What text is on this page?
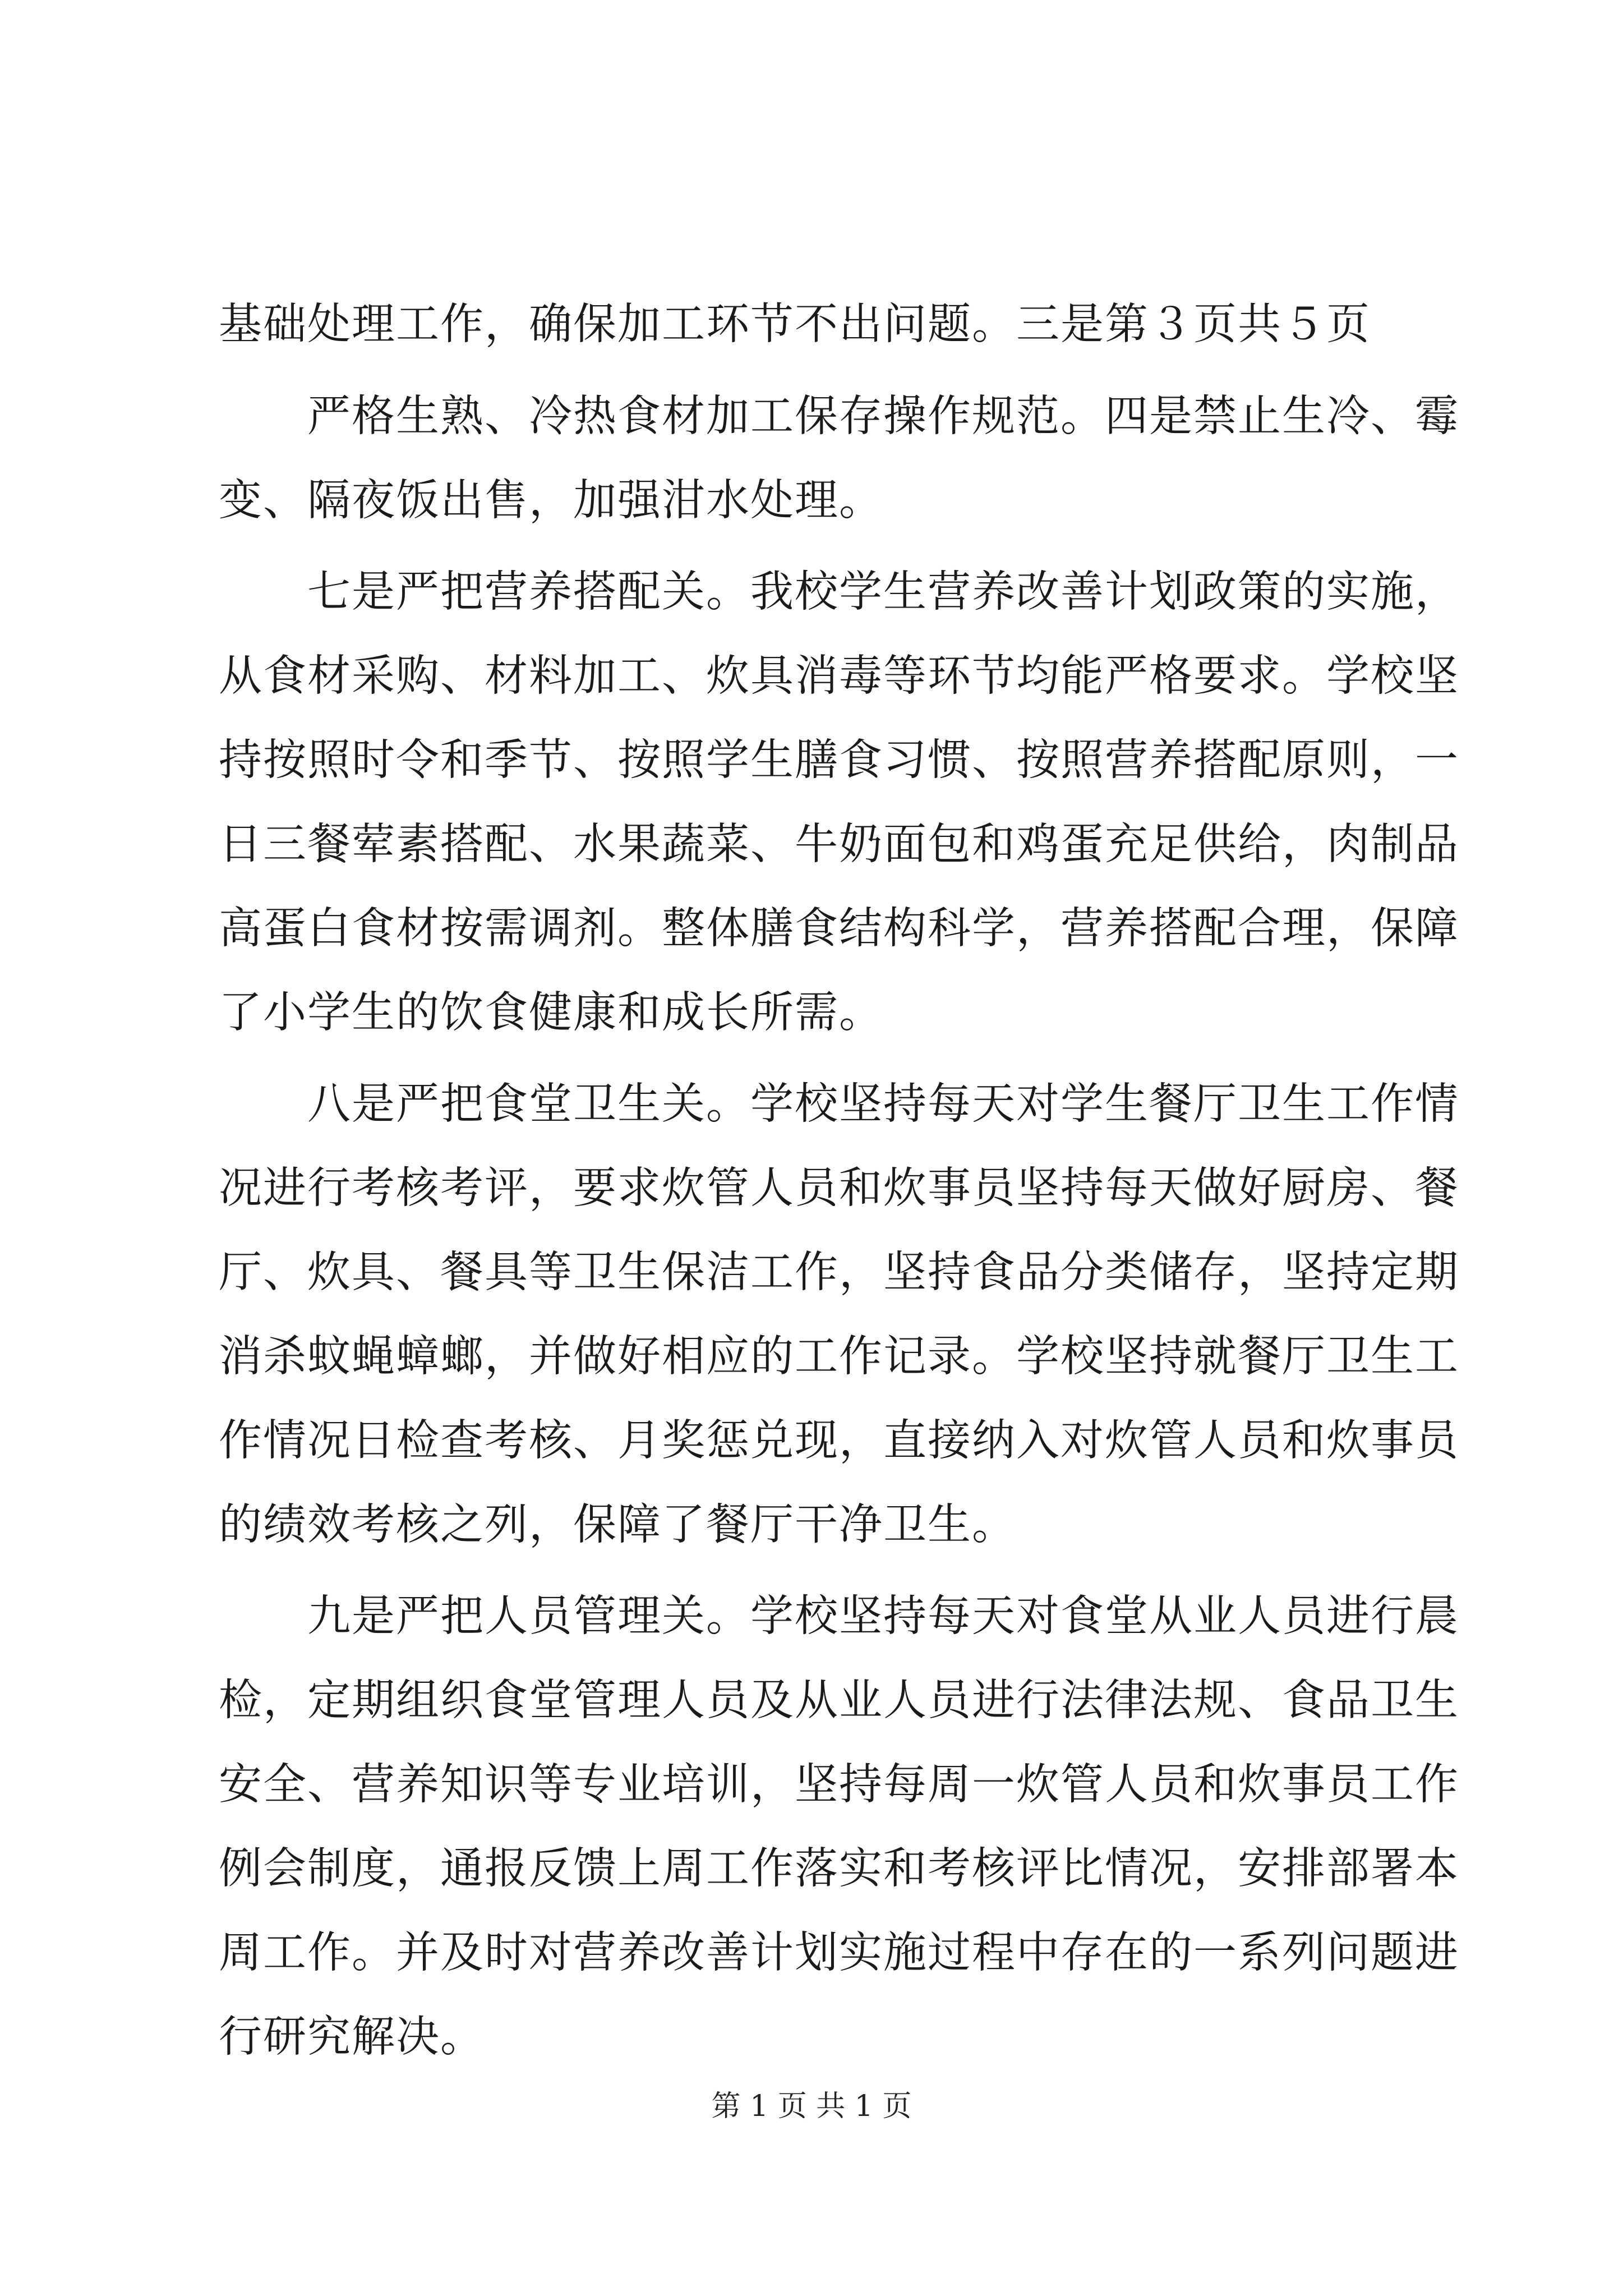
基础处理工作，确保加工环节不出问题。三是第３页共５页
严格生熟、冷热食材加工保存操作规范。四是禁止生冷、霉
变、隔夜饭出售，加强泔水处理。
七是严把营养搭配关。我校学生营养改善计划政策的实施，
从食材采购、材料加工、炊具消毒等环节均能严格要求。学校坚
持按照时令和季节、按照学生膳食习惯、按照营养搭配原则，一
日三餐荤素搭配、水果蔬菜、牛奶面包和鸡蛋充足供给，肉制品
高蛋白食材按需调剂。整体膳食结构科学，营养搭配合理，保障
了小学生的饮食健康和成长所需。
八是严把食堂卫生关。学校坚持每天对学生餐厅卫生工作情
况进行考核考评，要求炊管人员和炊事员坚持每天做好厨房、餐
厅、炊具、餐具等卫生保洁工作，坚持食品分类储存，坚持定期
消杀蚊蝇蟑螂，并做好相应的工作记录。学校坚持就餐厅卫生工
作情况日检查考核、月奖惩兑现，直接纳入对炊管人员和炊事员
的绩效考核之列，保障了餐厅干净卫生。
九是严把人员管理关。学校坚持每天对食堂从业人员进行晨
检，定期组织食堂管理人员及从业人员进行法律法规、食品卫生
安全、营养知识等专业培训，坚持每周一炊管人员和炊事员工作
例会制度，通报反馈上周工作落实和考核评比情况，安排部署本
周工作。并及时对营养改善计划实施过程中存在的一系列问题进
行研究解决。
第 1 页 共 1 页
